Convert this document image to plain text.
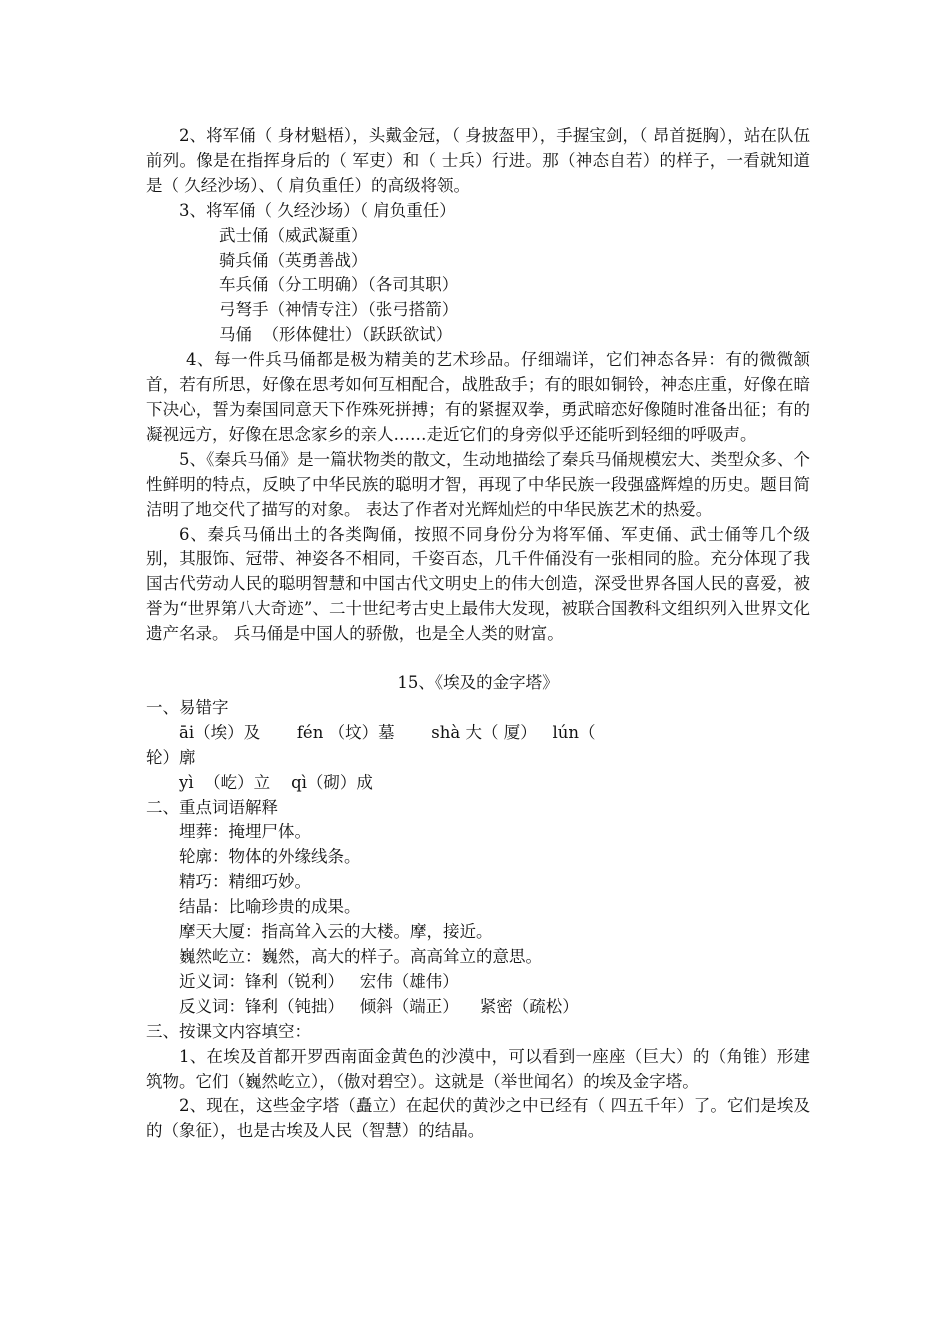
2、将军俑（ 身材魁梧），头戴金冠，（ 身披盔甲），手握宝剑，（ 昂首挺胸），站在队伍前列。像是在指挥身后的（ 军吏）和（ 士兵）行进。那（神态自若）的样子，一看就知道是（ 久经沙场）、（ 肩负重任）的高级将领。

3、将军俑（ 久经沙场）（ 肩负重任）

武士俑（威武凝重）

骑兵俑（英勇善战）

车兵俑（分工明确）（各司其职）

弓弩手（神情专注）（张弓搭箭）

马俑  （形体健壮）（跃跃欲试）

4、每一件兵马俑都是极为精美的艺术珍品。仔细端详，它们神态各异：有的微微颔首，若有所思，好像在思考如何互相配合，战胜敌手；有的眼如铜铃，神态庄重，好像在暗下决心，誓为秦国同意天下作殊死拼搏；有的紧握双拳，勇武暗恋好像随时准备出征；有的凝视远方，好像在思念家乡的亲人……走近它们的身旁似乎还能听到轻细的呼吸声。

5、《秦兵马俑》是一篇状物类的散文，生动地描绘了秦兵马俑规模宏大、类型众多、个性鲜明的特点，反映了中华民族的聪明才智，再现了中华民族一段强盛辉煌的历史。题目简洁明了地交代了描写的对象。 表达了作者对光辉灿烂的中华民族艺术的热爱。

6、秦兵马俑出土的各类陶俑，按照不同身份分为将军俑、军吏俑、武士俑等几个级别，其服饰、冠带、神姿各不相同，千姿百态，几千件俑没有一张相同的脸。充分体现了我国古代劳动人民的聪明智慧和中国古代文明史上的伟大创造，深受世界各国人民的喜爱，被誉为“世界第八大奇迹”、二十世纪考古史上最伟大发现，被联合国教科文组织列入世界文化遗产名录。 兵马俑是中国人的骄傲，也是全人类的财富。

15、《埃及的金字塔》

一、易错字

āi（埃）及       fén （坟）墓       shà 大（ 厦）   lún（

轮）廓

yì  （屹）立    qì（砌）成

二、重点词语解释

埋葬：掩埋尸体。

轮廓：物体的外缘线条。

精巧：精细巧妙。

结晶：比喻珍贵的成果。

摩天大厦：指高耸入云的大楼。摩，接近。

巍然屹立：巍然，高大的样子。高高耸立的意思。

近义词：锋利（锐利）   宏伟（雄伟）

反义词：锋利（钝拙）   倾斜（端正）    紧密（疏松）

三、按课文内容填空：

1、在埃及首都开罗西南面金黄色的沙漠中，可以看到一座座（巨大）的（角锥）形建筑物。它们（巍然屹立），（傲对碧空）。这就是（举世闻名）的埃及金字塔。

2、现在，这些金字塔（矗立）在起伏的黄沙之中已经有（ 四五千年）了。它们是埃及的（象征），也是古埃及人民（智慧）的结晶。
